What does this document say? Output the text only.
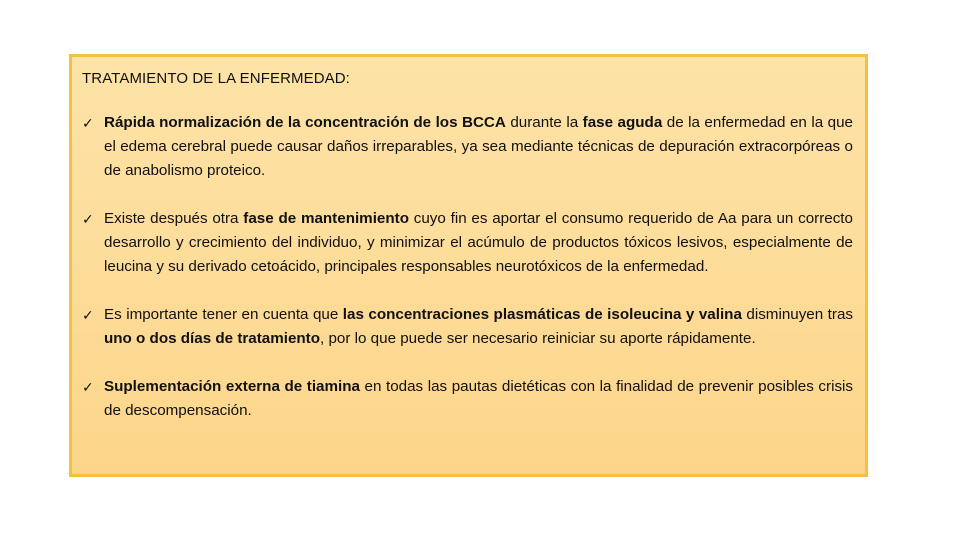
TRATAMIENTO DE LA ENFERMEDAD:
✓ Rápida normalización de la concentración de los BCCA durante la fase aguda de la enfermedad en la que el edema cerebral puede causar daños irreparables, ya sea mediante técnicas de depuración extracorpóreas o de anabolismo proteico.
✓ Existe después otra fase de mantenimiento cuyo fin es aportar el consumo requerido de Aa para un correcto desarrollo y crecimiento del individuo, y minimizar el acúmulo de productos tóxicos lesivos, especialmente de leucina y su derivado cetoácido, principales responsables neurotóxicos de la enfermedad.
✓ Es importante tener en cuenta que las concentraciones plasmáticas de isoleucina y valina disminuyen tras uno o dos días de tratamiento, por lo que puede ser necesario reiniciar su aporte rápidamente.
✓ Suplementación externa de tiamina en todas las pautas dietéticas con la finalidad de prevenir posibles crisis de descompensación.
